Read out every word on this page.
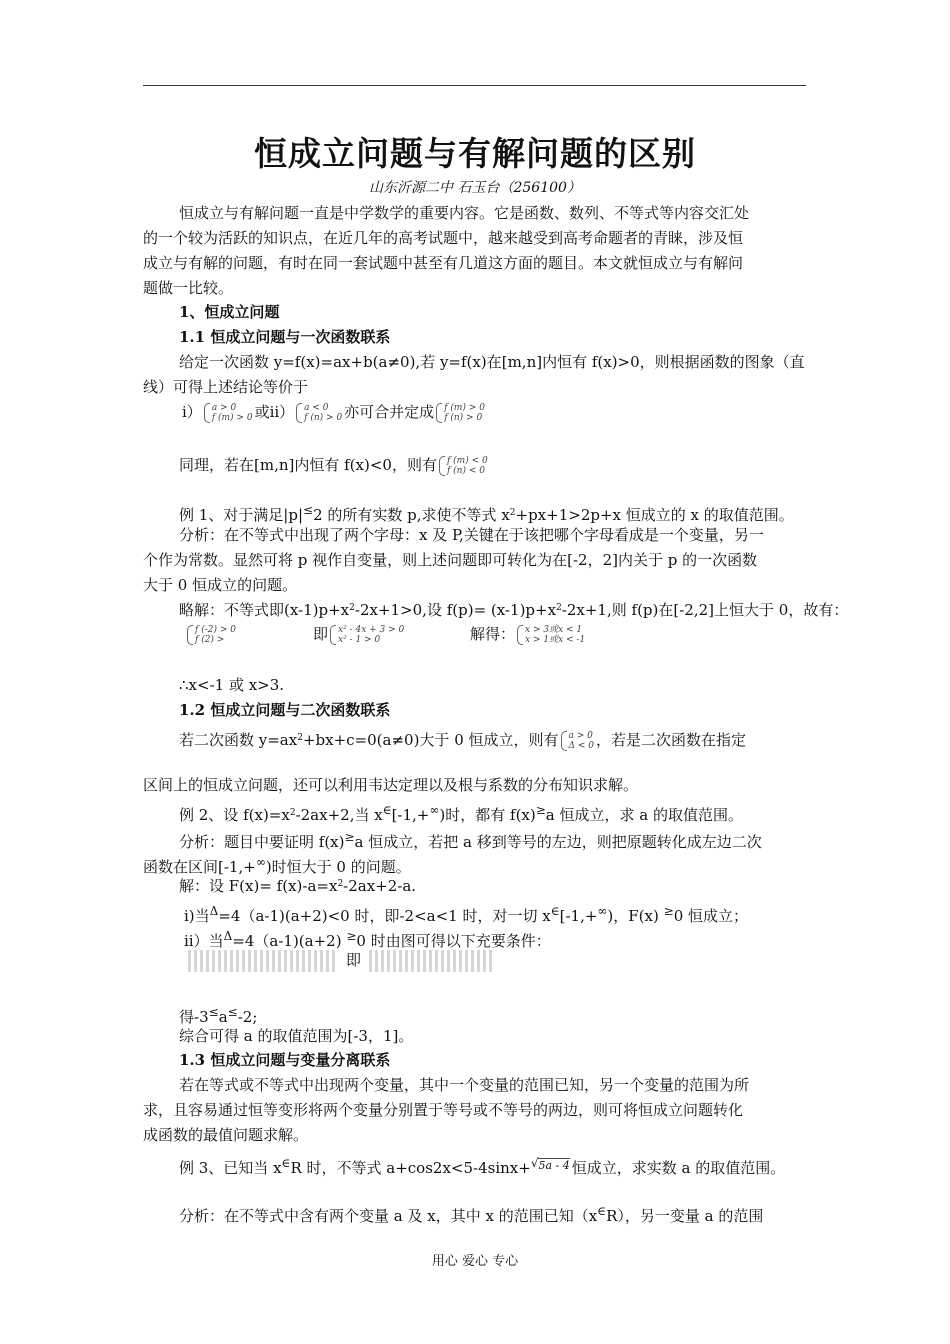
恒成立问题与有解问题的区别
山东沂源二中 石玉台（256100）
恒成立与有解问题一直是中学数学的重要内容。它是函数、数列、不等式等内容交汇处
的一个较为活跃的知识点，在近几年的高考试题中，越来越受到高考命题者的青睐，涉及恒
成立与有解的问题，有时在同一套试题中甚至有几道这方面的题目。本文就恒成立与有解问
题做一比较。
1、恒成立问题
1.1 恒成立问题与一次函数联系
给定一次函数 y=f(x)=ax+b(a≠0),若 y=f(x)在[m,n]内恒有 f(x)>0，则根据函数的图象（直
线）可得上述结论等价于
ⅰ） a > 0
f (m) > 0 或ⅱ） a < 0
f (n) > 0 亦可合并定成 f (m) > 0
f (n) > 0
同理，若在[m,n]内恒有 f(x)<0，则有 f (m) < 0
f (n) < 0
例 1、对于满足|p|≤2 的所有实数 p,求使不等式 $x^2+px+1>2p+x$ 恒成立的 x 的取值范围。
分析：在不等式中出现了两个字母：x 及 P,关键在于该把哪个字母看成是一个变量，另一
个作为常数。显然可将 p 视作自变量，则上述问题即可转化为在[-2，2]内关于 p 的一次函数
大于 0 恒成立的问题。
略解：不等式即$(x-1)p+x^2-2x+1>0$,设 $f(p)= (x-1)p+x^2-2x+1$,则 f(p)在[-2,2]上恒大于 0，故有：
f (-2) > 0
f (2) >	即 x² - 4x + 3 > 0
x² - 1 > 0	解得： x > 3或x < 1
x > 1或x < -1
∴x<-1 或 x>3.
1.2 恒成立问题与二次函数联系
若二次函数 $y=ax^2+bx+c=0(a\ne 0)$大于 0 恒成立，则有 a > 0
Δ < 0 ，若是二次函数在指定
区间上的恒成立问题，还可以利用韦达定理以及根与系数的分布知识求解。
例 2、设 $f(x)=x^2-2ax+2$,当 x∈[-1,+∞)时，都有 f(x)≥a 恒成立，求 a 的取值范围。
分析：题目中要证明 f(x)≥a 恒成立，若把 a 移到等号的左边，则把原题转化成左边二次
函数在区间[-1,+∞)时恒大于 0 的问题。
解：设 $F(x)= f(x)-a=x^2-2ax+2-a$.
ⅰ)当$^\Delta$=4（a-1)(a+2)<0 时，即-2<a<1 时，对一切 x∈[-1,+∞)，F(x) ≥0 恒成立；
ⅱ）当$^\Delta$=4（a-1)(a+2) ≥0 时由图可得以下充要条件：
即
得-3≤a≤-2;
综合可得 a 的取值范围为[-3，1]。
1.3 恒成立问题与变量分离联系
若在等式或不等式中出现两个变量，其中一个变量的范围已知，另一个变量的范围为所
求，且容易通过恒等变形将两个变量分别置于等号或不等号的两边，则可将恒成立问题转化
成函数的最值问题求解。
例 3、已知当 x∈R 时，不等式 a+cos2x<5-4sinx+$^{√5a - 4}$ 恒成立，求实数 a 的取值范围。
分析：在不等式中含有两个变量 a 及 x，其中 x 的范围已知（x∈R），另一变量 a 的范围
用心 爱心 专心
